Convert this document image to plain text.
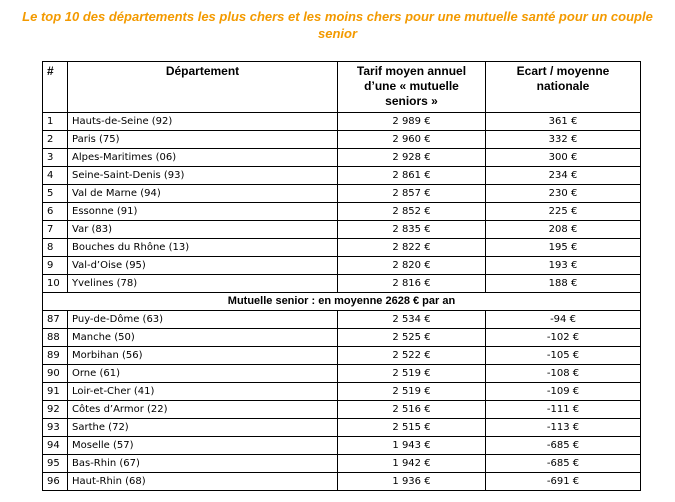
Le top 10 des départements les plus chers et les moins chers pour une mutuelle santé pour un couple
senior
#	Département	Tarif moyen annuel d’une « mutuelle seniors »	Ecart / moyenne nationale
1	Hauts-de-Seine (92)	2 989 €	361 €
2	Paris (75)	2 960 €	332 €
3	Alpes-Maritimes (06)	2 928 €	300 €
4	Seine-Saint-Denis (93)	2 861 €	234 €
5	Val de Marne (94)	2 857 €	230 €
6	Essonne (91)	2 852 €	225 €
7	Var (83)	2 835 €	208 €
8	Bouches du Rhône (13)	2 822 €	195 €
9	Val-d’Oise (95)	2 820 €	193 €
10	Yvelines (78)	2 816 €	188 €
Mutuelle senior : en moyenne 2628 € par an			
87	Puy-de-Dôme (63)	2 534 €	-94 €
88	Manche (50)	2 525 €	-102 €
89	Morbihan (56)	2 522 €	-105 €
90	Orne (61)	2 519 €	-108 €
91	Loir-et-Cher (41)	2 519 €	-109 €
92	Côtes d’Armor (22)	2 516 €	-111 €
93	Sarthe (72)	2 515 €	-113 €
94	Moselle (57)	1 943 €	-685 €
95	Bas-Rhin (67)	1 942 €	-685 €
96	Haut-Rhin (68)	1 936 €	-691 €
